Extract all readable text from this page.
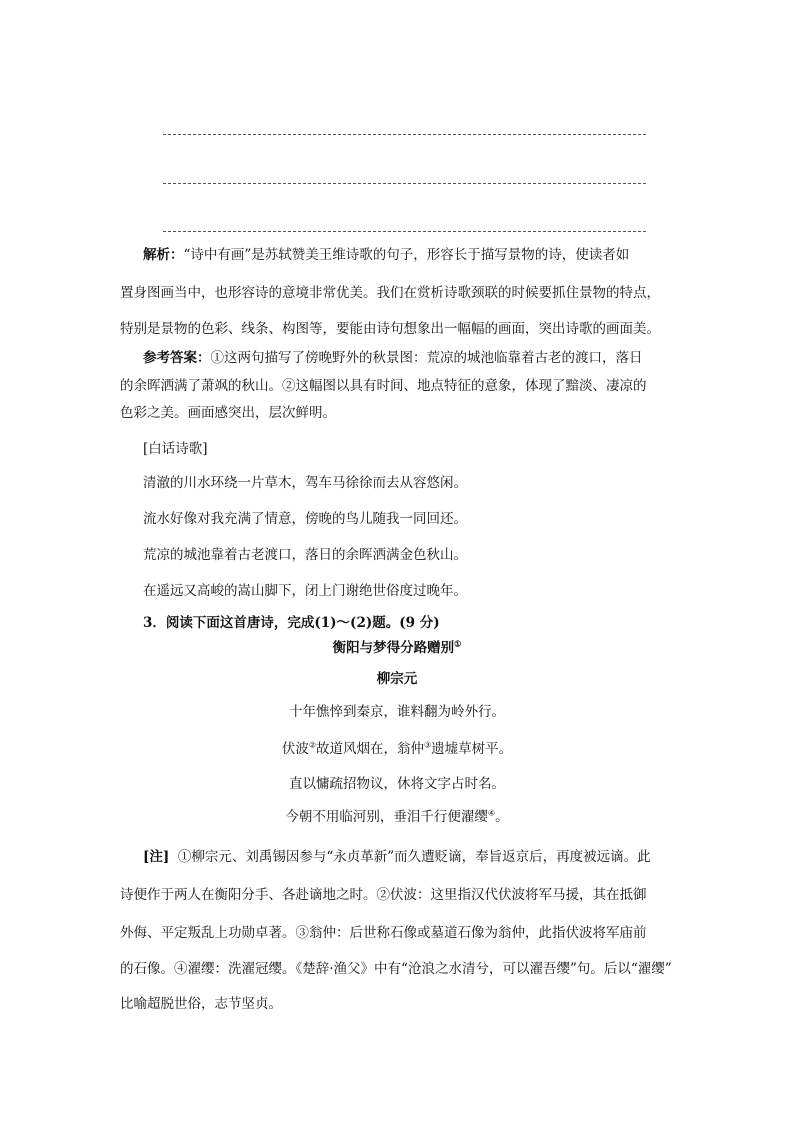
解析：“诗中有画”是苏轼赞美王维诗歌的句子，形容长于描写景物的诗，使读者如
置身图画当中，也形容诗的意境非常优美。我们在赏析诗歌颈联的时候要抓住景物的特点，
特别是景物的色彩、线条、构图等，要能由诗句想象出一幅幅的画面，突出诗歌的画面美。
参考答案：①这两句描写了傍晚野外的秋景图：荒凉的城池临靠着古老的渡口，落日
的余晖洒满了萧飒的秋山。②这幅图以具有时间、地点特征的意象，体现了黯淡、凄凉的
色彩之美。画面感突出，层次鲜明。
[白话诗歌]
清澈的川水环绕一片草木，驾车马徐徐而去从容悠闲。
流水好像对我充满了情意，傍晚的鸟儿随我一同回还。
荒凉的城池靠着古老渡口，落日的余晖洒满金色秋山。
在遥远又高峻的嵩山脚下，闭上门谢绝世俗度过晚年。
3．阅读下面这首唐诗，完成(1)～(2)题。(9 分)
衡阳与梦得分路赠别①
柳宗元
十年憔悴到秦京，谁料翻为岭外行。
伏波②故道风烟在，翁仲③遗墟草树平。
直以慵疏招物议，休将文字占时名。
今朝不用临河别，垂泪千行便濯缨④。
[注] ①柳宗元、刘禹锡因参与“永贞革新”而久遭贬谪，奉旨返京后，再度被远谪。此
诗便作于两人在衡阳分手、各赴谪地之时。②伏波：这里指汉代伏波将军马援，其在抵御
外侮、平定叛乱上功勋卓著。③翁仲：后世称石像或墓道石像为翁仲，此指伏波将军庙前
的石像。④濯缨：洗濯冠缨。《楚辞·渔父》中有“沧浪之水清兮，可以濯吾缨”句。后以“濯缨”
比喻超脱世俗，志节坚贞。
